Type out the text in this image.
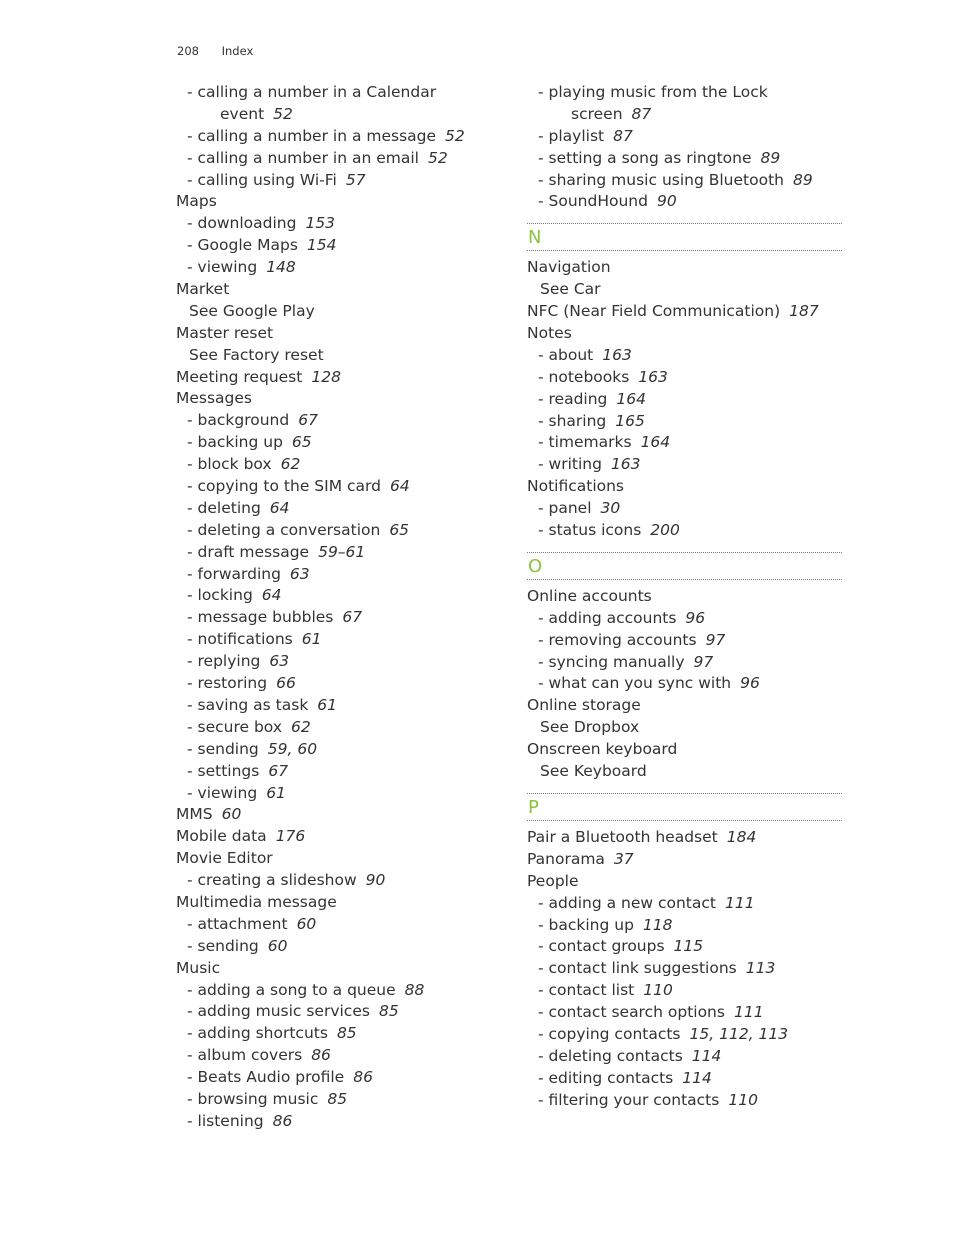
208 Index
- calling a number in a Calendar
event 52
- calling a number in a message 52
- calling a number in an email 52
- calling using Wi-Fi 57
Maps
- downloading 153
- Google Maps 154
- viewing 148
Market
See Google Play
Master reset
See Factory reset
Meeting request 128
Messages
- background 67
- backing up 65
- block box 62
- copying to the SIM card 64
- deleting 64
- deleting a conversation 65
- draft message 59–61
- forwarding 63
- locking 64
- message bubbles 67
- notifications 61
- replying 63
- restoring 66
- saving as task 61
- secure box 62
- sending 59, 60
- settings 67
- viewing 61
MMS 60
Mobile data 176
Movie Editor
- creating a slideshow 90
Multimedia message
- attachment 60
- sending 60
Music
- adding a song to a queue 88
- adding music services 85
- adding shortcuts 85
- album covers 86
- Beats Audio profile 86
- browsing music 85
- listening 86
- playing music from the Lock
screen 87
- playlist 87
- setting a song as ringtone 89
- sharing music using Bluetooth 89
- SoundHound 90
N
Navigation
See Car
NFC (Near Field Communication) 187
Notes
- about 163
- notebooks 163
- reading 164
- sharing 165
- timemarks 164
- writing 163
Notifications
- panel 30
- status icons 200
O
Online accounts
- adding accounts 96
- removing accounts 97
- syncing manually 97
- what can you sync with 96
Online storage
See Dropbox
Onscreen keyboard
See Keyboard
P
Pair a Bluetooth headset 184
Panorama 37
People
- adding a new contact 111
- backing up 118
- contact groups 115
- contact link suggestions 113
- contact list 110
- contact search options 111
- copying contacts 15, 112, 113
- deleting contacts 114
- editing contacts 114
- filtering your contacts 110
